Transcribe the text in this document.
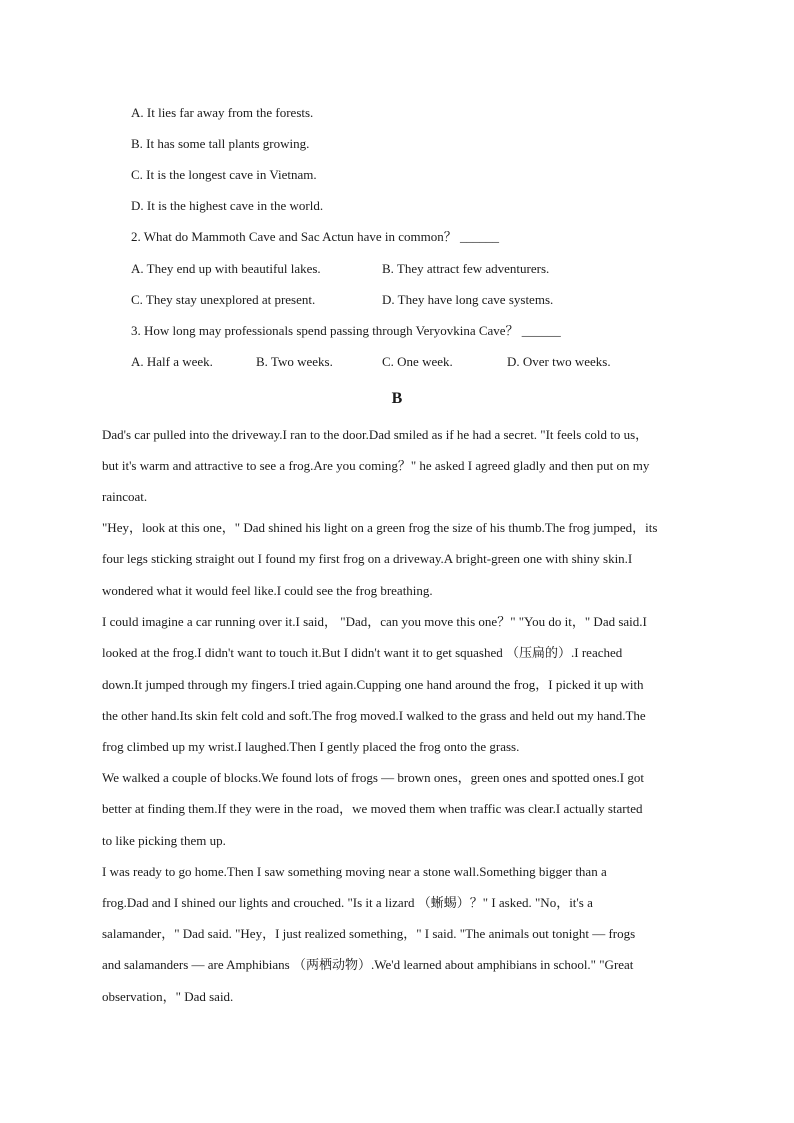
A. It lies far away from the forests.
B. It has some tall plants growing.
C. It is the longest cave in Vietnam.
D. It is the highest cave in the world.
2. What do Mammoth Cave and Sac Actun have in common？ ______
A. They end up with beautiful lakes.	B. They attract few adventurers.
C. They stay unexplored at present.	D. They have long cave systems.
3. How long may professionals spend passing through Veryovkina Cave？ ______
A. Half a week.	B. Two weeks.	C. One week.	D. Over two weeks.
B
Dad's car pulled into the driveway.I ran to the door.Dad smiled as if he had a secret. "It feels cold to us，
but it's warm and attractive to see a frog.Are you coming？" he asked I agreed gladly and then put on my
raincoat.
"Hey，look at this one，" Dad shined his light on a green frog the size of his thumb.The frog jumped，its
four legs sticking straight out I found my first frog on a driveway.A bright-green one with shiny skin.I
wondered what it would feel like.I could see the frog breathing.
I could imagine a car running over it.I said， "Dad，can you move this one？" "You do it，" Dad said.I
looked at the frog.I didn't want to touch it.But I didn't want it to get squashed （压扁的）.I reached
down.It jumped through my fingers.I tried again.Cupping one hand around the frog，I picked it up with
the other hand.Its skin felt cold and soft.The frog moved.I walked to the grass and held out my hand.The
frog climbed up my wrist.I laughed.Then I gently placed the frog onto the grass.
We walked a couple of blocks.We found lots of frogs — brown ones，green ones and spotted ones.I got
better at finding them.If they were in the road，we moved them when traffic was clear.I actually started
to like picking them up.
I was ready to go home.Then I saw something moving near a stone wall.Something bigger than a
frog.Dad and I shined our lights and crouched. "Is it a lizard （蜥蜴）？" I asked. "No，it's a
salamander，" Dad said. "Hey，I just realized something，" I said. "The animals out tonight — frogs
and salamanders — are Amphibians （两栖动物）.We'd learned about amphibians in school." "Great
observation，" Dad said.
